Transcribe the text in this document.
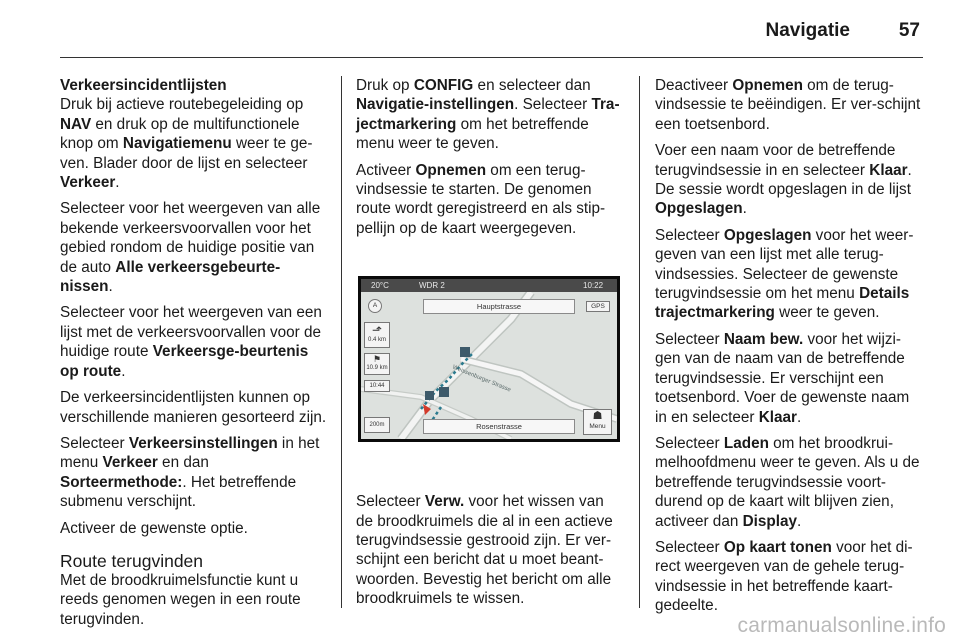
Navigatie	57
Verkeersincidentlijsten

Druk bij actieve routebegeleiding op NAV en druk op de multifunctionele knop om Navigatiemenu weer te ge-ven. Blader door de lijst en selecteer Verkeer.

Selecteer voor het weergeven van alle bekende verkeersvoorvallen voor het gebied rondom de huidige positie van de auto Alle verkeersgebeurte-nissen.

Selecteer voor het weergeven van een lijst met de verkeersvoorvallen voor de huidige route Verkeersge-beurtenis op route.

De verkeersincidentlijsten kunnen op verschillende manieren gesorteerd zijn.

Selecteer Verkeersinstellingen in het menu Verkeer en dan Sorteermethode:. Het betreffende submenu verschijnt.

Activeer de gewenste optie.

Route terugvinden

Met de broodkruimelsfunctie kunt u reeds genomen wegen in een route terugvinden.

Druk op CONFIG en selecteer dan Navigatie-instellingen. Selecteer Tra-jectmarkering om het betreffende menu weer te geven.

Activeer Opnemen om een terug-vindsessie te starten. De genomen route wordt geregistreerd en als stip-pellijn op de kaart weergegeven.

20°C	WDR 2	10:22
Hauptstrasse	GPS
A
⬏
0.4 km
⚑
10.9 km
10:44
200m	Rosenstrasse
☗
Menu
Weissenburger Strasse

Selecteer Verw. voor het wissen van de broodkruimels die al in een actieve terugvindsessie gestrooid zijn. Er ver-schijnt een bericht dat u moet beant-woorden. Bevestig het bericht om alle broodkruimels te wissen.

Deactiveer Opnemen om de terug-vindsessie te beëindigen. Er ver-schijnt een toetsenbord.

Voer een naam voor de betreffende terugvindsessie in en selecteer Klaar. De sessie wordt opgeslagen in de lijst Opgeslagen.

Selecteer Opgeslagen voor het weer-geven van een lijst met alle terug-vindsessies. Selecteer de gewenste terugvindsessie om het menu Details trajectmarkering weer te geven.

Selecteer Naam bew. voor het wijzi-gen van de naam van de betreffende terugvindsessie. Er verschijnt een toetsenbord. Voer de gewenste naam in en selecteer Klaar.

Selecteer Laden om het broodkrui-melhoofdmenu weer te geven. Als u de betreffende terugvindsessie voort-durend op de kaart wilt blijven zien, activeer dan Display.

Selecteer Op kaart tonen voor het di-rect weergeven van de gehele terug-vindsessie in het betreffende kaart-gedeelte.

carmanualsonline.info
